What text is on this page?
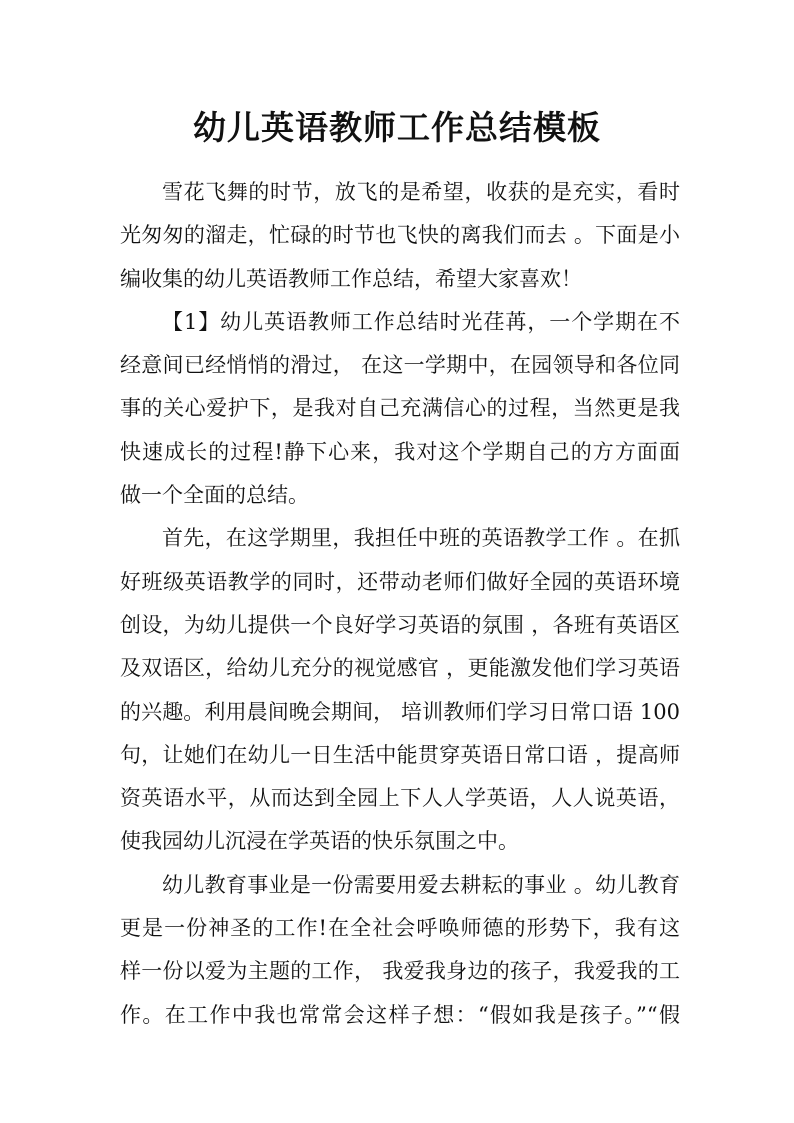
幼儿英语教师工作总结模板
雪花飞舞的时节，放飞的是希望，收获的是充实，看时
光匆匆的溜走，忙碌的时节也飞快的离我们而去 。下面是小
编收集的幼儿英语教师工作总结，希望大家喜欢！
【1】幼儿英语教师工作总结时光荏苒，一个学期在不
经意间已经悄悄的滑过， 在这一学期中，在园领导和各位同
事的关心爱护下，是我对自己充满信心的过程，当然更是我
快速成长的过程!静下心来，我对这个学期自己的方方面面
做一个全面的总结。
首先，在这学期里，我担任中班的英语教学工作 。在抓
好班级英语教学的同时，还带动老师们做好全园的英语环境
创设，为幼儿提供一个良好学习英语的氛围 ，各班有英语区
及双语区，给幼儿充分的视觉感官 ，更能激发他们学习英语
的兴趣。利用晨间晚会期间， 培训教师们学习日常口语 100
句，让她们在幼儿一日生活中能贯穿英语日常口语 ，提高师
资英语水平，从而达到全园上下人人学英语，人人说英语，
使我园幼儿沉浸在学英语的快乐氛围之中。
幼儿教育事业是一份需要用爱去耕耘的事业 。幼儿教育
更是一份神圣的工作!在全社会呼唤师德的形势下，我有这
样一份以爱为主题的工作， 我爱我身边的孩子，我爱我的工
作。在工作中我也常常会这样子想：“假如我是孩子。”“假
